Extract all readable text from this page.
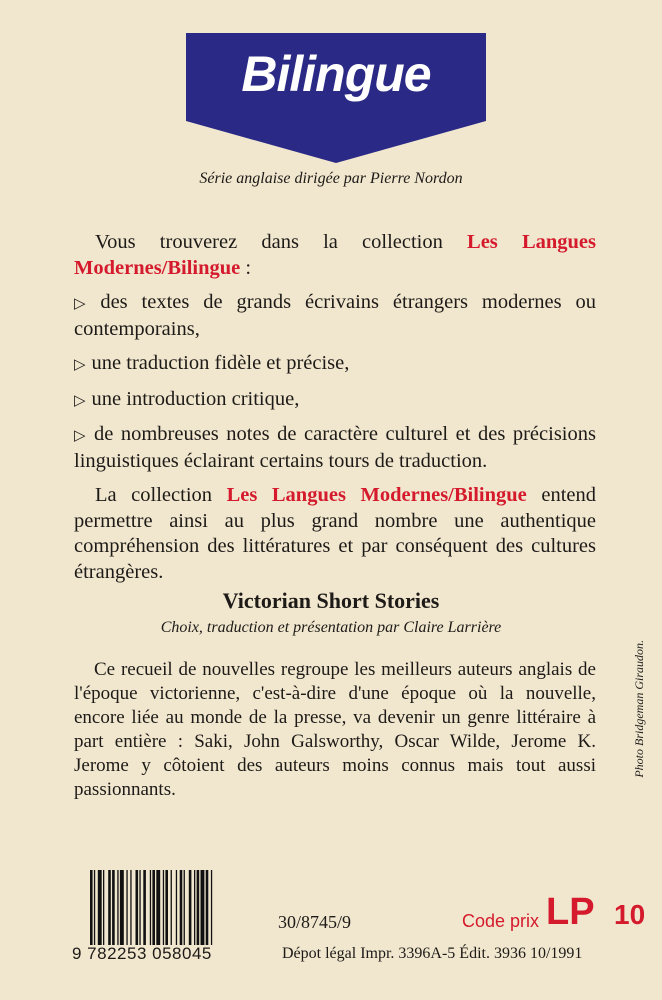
Bilingue
Série anglaise dirigée par Pierre Nordon

Vous trouverez dans la collection Les Langues Modernes/Bilingue :

▷ des textes de grands écrivains étrangers modernes ou contemporains,

▷ une traduction fidèle et précise,

▷ une introduction critique,

▷ de nombreuses notes de caractère culturel et des précisions linguistiques éclairant certains tours de traduction.

La collection Les Langues Modernes/Bilingue entend permettre ainsi au plus grand nombre une authentique compréhension des littératures et par conséquent des cultures étrangères.

Victorian Short Stories
Choix, traduction et présentation par Claire Larrière

Ce recueil de nouvelles regroupe les meilleurs auteurs anglais de l'époque victorienne, c'est-à-dire d'une époque où la nouvelle, encore liée au monde de la presse, va devenir un genre littéraire à part entière : Saki, John Galsworthy, Oscar Wilde, Jerome K. Jerome y côtoient des auteurs moins connus mais tout aussi passionnants.

Photo Bridgeman Giraudon.
9 782253 058045
30/8745/9	Code prix LP 10
Dépot légal Impr. 3396A-5 Édit. 3936 10/1991
